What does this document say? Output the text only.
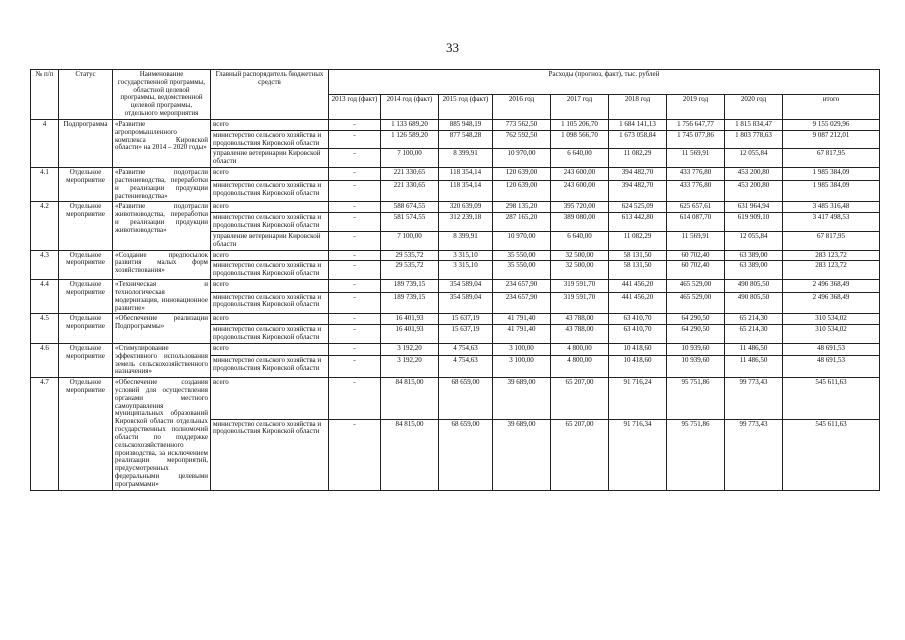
33
№ п/п	Статус	Наименование государственной программы, областной целевой программы, ведомственной целевой программы, отдельного мероприятия	Главный распорядитель бюджетных средств	Расходы (прогноз, факт), тыс. рублей								
				2013 год (факт)	2014 год (факт)	2015 год (факт)	2016 год	2017 год	2018 год	2019 год	2020 год	итого
4	Подпрограмма	«Развитие агропромышленного комплекса Кировской области» на 2014 – 2020 годы»	всего	-	1 133 689,20	885 948,19	773 562,50	1 105 206,70	1 684 141,13	1 756 647,77	1 815 834,47	9 155 029,96
			министерство сельского хозяйства и продовольствия Кировской области	-	1 126 589,20	877 548,28	762 592,50	1 098 566,70	1 673 058,84	1 745 077,86	1 803 778,63	9 087 212,01
			управление ветеринарии Кировской области	-	7 100,00	8 399,91	10 970,00	6 640,00	11 082,29	11 569,91	12 055,84	67 817,95
4.1	Отдельное мероприятие	«Развитие подотрасли растениеводства, переработки и реализации продукции растениеводства»	всего	-	221 330,65	118 354,14	120 639,00	243 600,00	394 482,70	433 776,80	453 200,80	1 985 384,09
			министерство сельского хозяйства и продовольствия Кировской области	-	221 330,65	118 354,14	120 639,00	243 600,00	394 482,70	433 776,80	453 200,80	1 985 384,09
4.2	Отдельное мероприятие	«Развитие подотрасли животноводства, переработки и реализации продукции животноводства»	всего	-	588 674,55	320 639,09	298 135,20	395 720,00	624 525,09	625 657,61	631 964,94	3 485 316,48
			министерство сельского хозяйства и продовольствия Кировской области	-	581 574,55	312 239,18	287 165,20	389 080,00	613 442,80	614 087,70	619 909,10	3 417 498,53
			управление ветеринарии Кировской области	-	7 100,00	8 399,91	10 970,00	6 640,00	11 082,29	11 569,91	12 055,84	67 817,95
4.3	Отдельное мероприятие	«Создание предпосылок развития малых форм хозяйствования»	всего	-	29 535,72	3 315,10	35 550,00	32 500,00	58 131,50	60 702,40	63 389,00	283 123,72
			министерство сельского хозяйства и продовольствия Кировской области	-	29 535,72	3 315,10	35 550,00	32 500,00	58 131,50	60 702,40	63 389,00	283 123,72
4.4	Отдельное мероприятие	«Техническая и технологическая модернизация, инновационное развитие»	всего	-	189 739,15	354 589,04	234 657,90	319 591,70	441 456,20	465 529,00	490 805,50	2 496 368,49
			министерство сельского хозяйства и продовольствия Кировской области	-	189 739,15	354 589,04	234 657,90	319 591,70	441 456,20	465 529,00	490 805,50	2 496 368,49
4.5	Отдельное мероприятие	«Обеспечение реализации Подпрограммы»	всего	-	16 401,93	15 637,19	41 791,40	43 788,00	63 410,70	64 290,50	65 214,30	310 534,02
			министерство сельского хозяйства и продовольствия Кировской области	-	16 401,93	15 637,19	41 791,40	43 788,00	63 410,70	64 290,50	65 214,30	310 534,02
4.6	Отдельное мероприятие	«Стимулирование эффективного использования земель сельскохозяйственного назначения»	всего	-	3 192,20	4 754,63	3 100,00	4 800,00	10 418,60	10 939,60	11 486,50	48 691,53
			министерство сельского хозяйства и продовольствия Кировской области	-	3 192,20	4 754,63	3 100,00	4 800,00	10 418,60	10 939,60	11 486,50	48 691,53
4.7	Отдельное мероприятие	«Обеспечение создания условий для осуществления органами местного самоуправления муниципальных образований Кировской области отдельных государственных полномочий области по поддержке сельскохозяйственного производства, за исключением реализации мероприятий, предусмотренных федеральными целевыми программами»	всего	-	84 815,00	68 659,00	39 689,00	65 207,00	91 716,24	95 751,86	99 773,43	545 611,63
			министерство сельского хозяйства и продовольствия Кировской области	-	84 815,00	68 659,00	39 689,00	65 207,00	91 716,34	95 751,86	99 773,43	545 611,63
